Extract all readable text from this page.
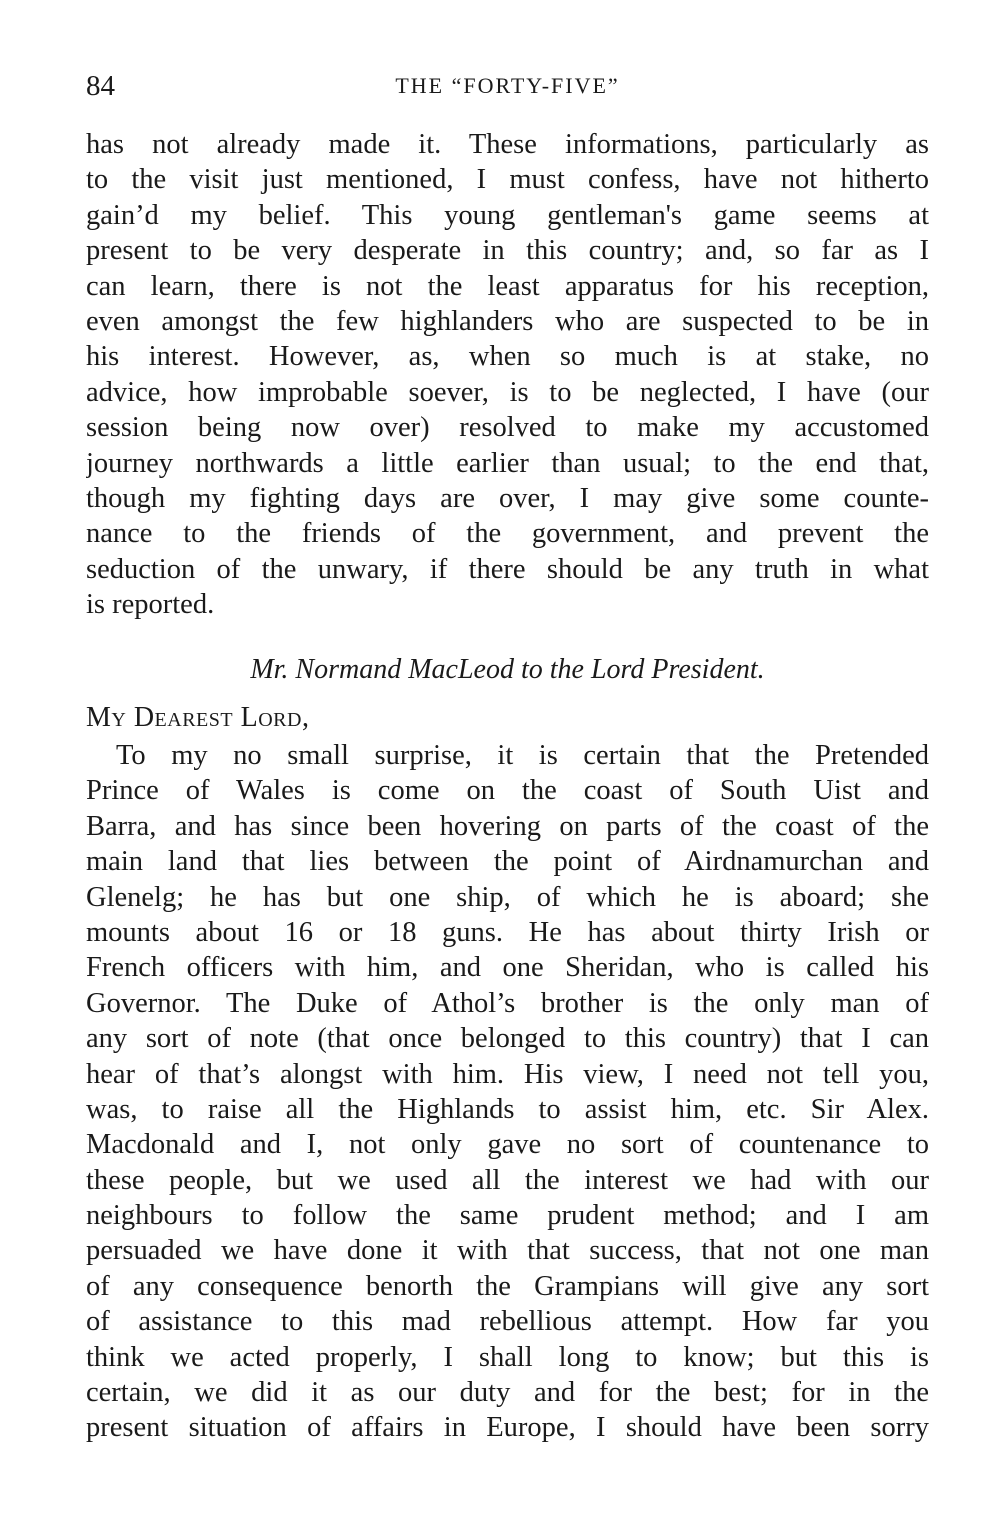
84	THE “FORTY-FIVE”
has not already made it. These informations, particularly as
to the visit just mentioned, I must confess, have not hitherto
gain’d my belief. This young gentleman's game seems at
present to be very desperate in this country; and, so far as I
can learn, there is not the least apparatus for his reception,
even amongst the few highlanders who are suspected to be in
his interest. However, as, when so much is at stake, no
advice, how improbable soever, is to be neglected, I have (our
session being now over) resolved to make my accustomed
journey northwards a little earlier than usual; to the end that,
though my fighting days are over, I may give some counte-
nance to the friends of the government, and prevent the
seduction of the unwary, if there should be any truth in what
is reported.
Mr. Normand MacLeod to the Lord President.
My Dearest Lord,
To my no small surprise, it is certain that the Pretended
Prince of Wales is come on the coast of South Uist and
Barra, and has since been hovering on parts of the coast of the
main land that lies between the point of Airdnamurchan and
Glenelg; he has but one ship, of which he is aboard; she
mounts about 16 or 18 guns. He has about thirty Irish or
French officers with him, and one Sheridan, who is called his
Governor. The Duke of Athol’s brother is the only man of
any sort of note (that once belonged to this country) that I can
hear of that’s alongst with him. His view, I need not tell you,
was, to raise all the Highlands to assist him, etc. Sir Alex.
Macdonald and I, not only gave no sort of countenance to
these people, but we used all the interest we had with our
neighbours to follow the same prudent method; and I am
persuaded we have done it with that success, that not one man
of any consequence benorth the Grampians will give any sort
of assistance to this mad rebellious attempt. How far you
think we acted properly, I shall long to know; but this is
certain, we did it as our duty and for the best; for in the
present situation of affairs in Europe, I should have been sorry
